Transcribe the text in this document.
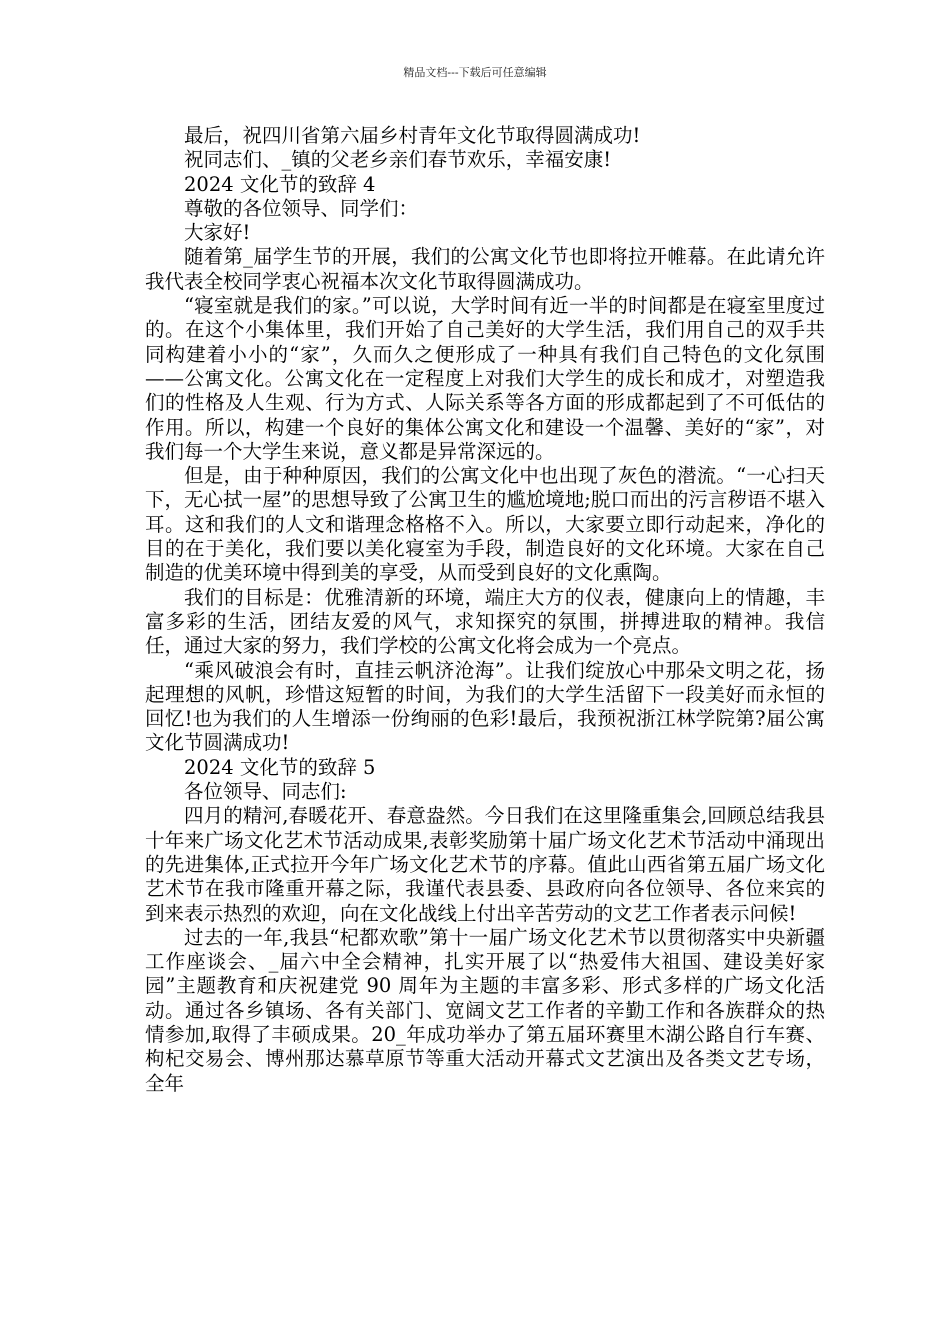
精品文档---下载后可任意编辑

最后，祝四川省第六届乡村青年文化节取得圆满成功!

祝同志们、_镇的父老乡亲们春节欢乐，幸福安康!

2024 文化节的致辞 4

尊敬的各位领导、同学们：

大家好!

随着第_届学生节的开展，我们的公寓文化节也即将拉开帷幕。在此请允许我代表全校同学衷心祝福本次文化节取得圆满成功。

“寝室就是我们的家。”可以说，大学时间有近一半的时间都是在寝室里度过的。在这个小集体里，我们开始了自己美好的大学生活，我们用自己的双手共同构建着小小的“家”，久而久之便形成了一种具有我们自己特色的文化氛围——公寓文化。公寓文化在一定程度上对我们大学生的成长和成才，对塑造我们的性格及人生观、行为方式、人际关系等各方面的形成都起到了不可低估的作用。所以，构建一个良好的集体公寓文化和建设一个温馨、美好的“家”，对我们每一个大学生来说，意义都是异常深远的。

但是，由于种种原因，我们的公寓文化中也出现了灰色的潜流。“一心扫天下，无心拭一屋”的思想导致了公寓卫生的尴尬境地;脱口而出的污言秽语不堪入耳。这和我们的人文和谐理念格格不入。所以，大家要立即行动起来，净化的目的在于美化，我们要以美化寝室为手段，制造良好的文化环境。大家在自己制造的优美环境中得到美的享受，从而受到良好的文化熏陶。

我们的目标是：优雅清新的环境，端庄大方的仪表，健康向上的情趣，丰富多彩的生活，团结友爱的风气，求知探究的氛围，拼搏进取的精神。我信任，通过大家的努力，我们学校的公寓文化将会成为一个亮点。

“乘风破浪会有时，直挂云帆济沧海”。让我们绽放心中那朵文明之花，扬起理想的风帆，珍惜这短暂的时间，为我们的大学生活留下一段美好而永恒的回忆!也为我们的人生增添一份绚丽的色彩!最后，我预祝浙江林学院第?届公寓文化节圆满成功!

2024 文化节的致辞 5

各位领导、同志们:

四月的精河,春暖花开、春意盎然。今日我们在这里隆重集会,回顾总结我县十年来广场文化艺术节活动成果,表彰奖励第十届广场文化艺术节活动中涌现出的先进集体,正式拉开今年广场文化艺术节的序幕。值此山西省第五届广场文化艺术节在我市隆重开幕之际，我谨代表县委、县政府向各位领导、各位来宾的到来表示热烈的欢迎，向在文化战线上付出辛苦劳动的文艺工作者表示问候!

过去的一年,我县“杞都欢歌”第十一届广场文化艺术节以贯彻落实中央新疆工作座谈会、_届六中全会精神，扎实开展了以“热爱伟大祖国、建设美好家园”主题教育和庆祝建党 90 周年为主题的丰富多彩、形式多样的广场文化活动。通过各乡镇场、各有关部门、宽阔文艺工作者的辛勤工作和各族群众的热情参加,取得了丰硕成果。20_年成功举办了第五届环赛里木湖公路自行车赛、枸杞交易会、博州那达慕草原节等重大活动开幕式文艺演出及各类文艺专场，全年
